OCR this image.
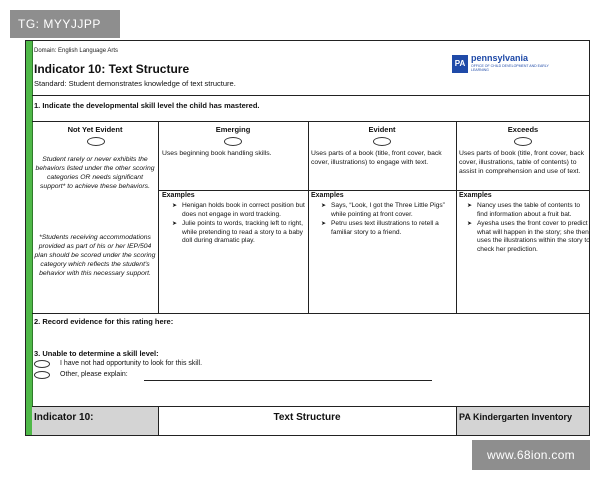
TG: MYYJJPP
Domain: English Language Arts
Indicator 10: Text Structure
Standard: Student demonstrates knowledge of text structure.
PA
pennsylvania
OFFICE OF CHILD DEVELOPMENT AND EARLY LEARNING
1. Indicate the developmental skill level the child has mastered.
Not Yet Evident
Student rarely or never exhibits the behaviors listed under the other scoring categories OR needs significant support* to achieve these behaviors.
*Students receiving accommodations provided as part of his or her IEP/504 plan should be scored under the scoring category which reflects the student's behavior with this necessary support.
Emerging
Uses beginning book handling skills.
Examples
➤ Henigan holds book in correct position but does not engage in word tracking.
➤ Julie points to words, tracking left to right, while pretending to read a story to a baby doll during dramatic play.
Evident
Uses parts of a book (title, front cover, back cover, illustrations) to engage with text.
Examples
➤ Says, “Look, I got the Three Little Pigs” while pointing at front cover.
➤ Petru uses text illustrations to retell a familiar story to a friend.
Exceeds
Uses parts of book (title, front cover, back cover, illustrations, table of contents) to assist in comprehension and use of text.
Examples
➤ Nancy uses the table of contents to find information about a fruit bat.
➤ Ayesha uses the front cover to predict what will happen in the story; she then uses the illustrations within the story to check her prediction.
2. Record evidence for this rating here:
3. Unable to determine a skill level:
I have not had opportunity to look for this skill.
Other, please explain:
Indicator 10:	Text Structure	PA Kindergarten Inventory
www.68ion.com
